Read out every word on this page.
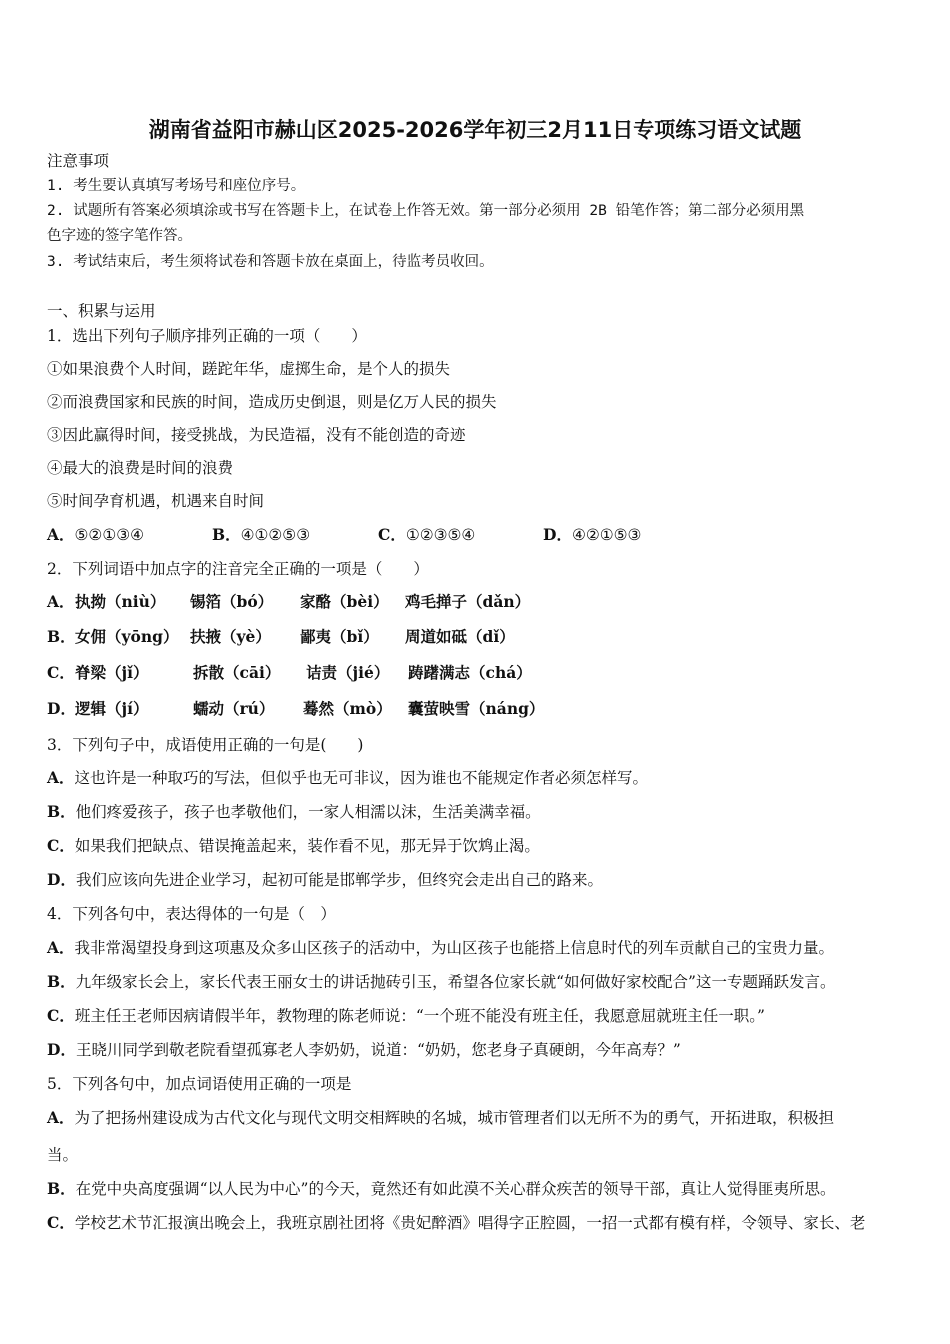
湖南省益阳市赫山区2025-2026学年初三2月11日专项练习语文试题
注意事项
1. 考生要认真填写考场号和座位序号。
2. 试题所有答案必须填涂或书写在答题卡上，在试卷上作答无效。第一部分必须用 2B 铅笔作答；第二部分必须用黑
色字迹的签字笔作答。
3. 考试结束后，考生须将试卷和答题卡放在桌面上，待监考员收回。
一、积累与运用
1．选出下列句子顺序排列正确的一项（　　）
①如果浪费个人时间，蹉跎年华，虚掷生命，是个人的损失
②而浪费国家和民族的时间，造成历史倒退，则是亿万人民的损失
③因此赢得时间，接受挑战，为民造福，没有不能创造的奇迹
④最大的浪费是时间的浪费
⑤时间孕育机遇，机遇来自时间
A．⑤②①③④	B．④①②⑤③	C．①②③⑤④	D．④②①⑤③
2．下列词语中加点字的注音完全正确的一项是（　　）
3．下列句子中，成语使用正确的一句是(　　)
4．下列各句中，表达得体的一句是（　）
5．下列各句中，加点词语使用正确的一项是
A． 执拗（niù） 锡箔（bó） 家酪（bèi） 鸡毛掸子（dǎn）
B． 女佣（yōng） 扶掖（yè） 鄙夷（bǐ） 周道如砥（dǐ）
C． 脊梁（jǐ）	拆散（cāi） 诘责（jié） 踌躇满志（chá）
D． 逻辑（jí）	蠕动（rú） 蓦然（mò） 囊萤映雪（náng）
A．这也许是一种取巧的写法，但似乎也无可非议，因为谁也不能规定作者必须怎样写。
B．他们疼爱孩子，孩子也孝敬他们，一家人相濡以沫，生活美满幸福。
C．如果我们把缺点、错误掩盖起来，装作看不见，那无异于饮鸩止渴。
D．我们应该向先进企业学习，起初可能是邯郸学步，但终究会走出自己的路来。
A．我非常渴望投身到这项惠及众多山区孩子的活动中，为山区孩子也能搭上信息时代的列车贡献自己的宝贵力量。
B．九年级家长会上，家长代表王丽女士的讲话抛砖引玉，希望各位家长就“如何做好家校配合”这一专题踊跃发言。
C．班主任王老师因病请假半年，教物理的陈老师说：“一个班不能没有班主任，我愿意屈就班主任一职。”
D．王晓川同学到敬老院看望孤寡老人李奶奶，说道：“奶奶，您老身子真硬朗，今年高寿？”
A．为了把扬州建设成为古代文化与现代文明交相辉映的名城，城市管理者们以无所不为的勇气，开拓进取，积极担
当。
B．在党中央高度强调“以人民为中心”的今天，竟然还有如此漠不关心群众疾苦的领导干部，真让人觉得匪夷所思。
C．学校艺术节汇报演出晚会上，我班京剧社团将《贵妃醉酒》唱得字正腔圆，一招一式都有模有样，令领导、家长、老
